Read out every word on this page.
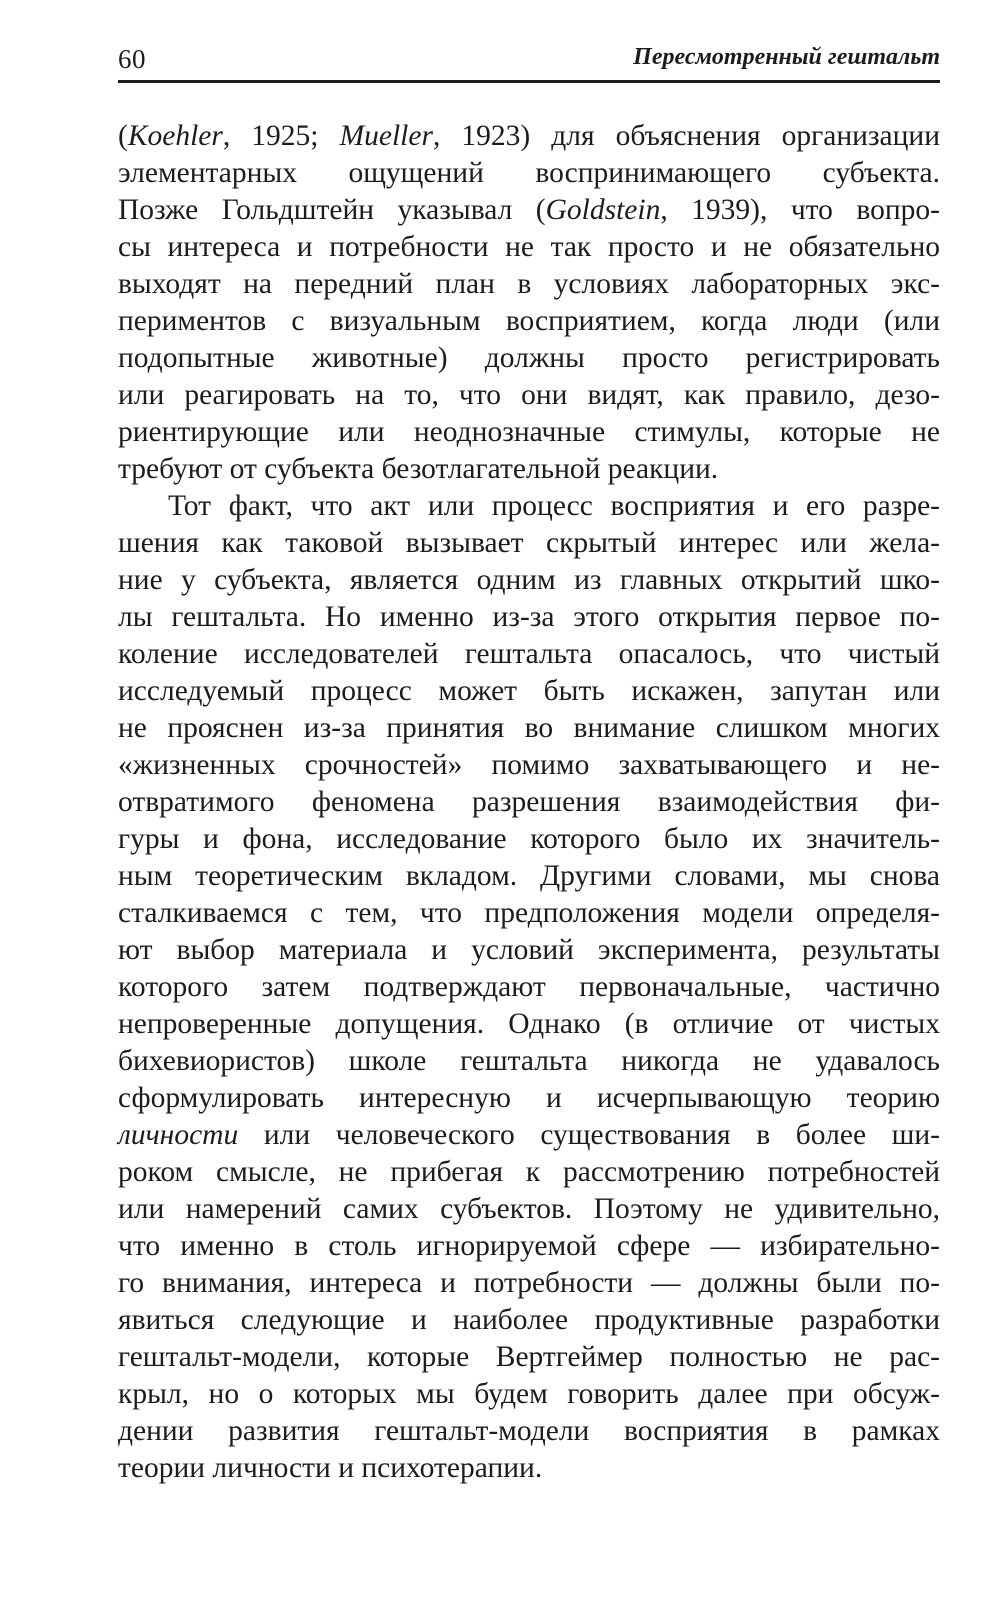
60	Пересмотренный гештальт
(Koehler, 1925; Mueller, 1923) для объяснения организации
элементарных ощущений воспринимающего субъекта.
Позже Гольдштейн указывал (Goldstein, 1939), что вопро-
сы интереса и потребности не так просто и не обязательно
выходят на передний план в условиях лабораторных экс-
периментов с визуальным восприятием, когда люди (или
подопытные животные) должны просто регистрировать
или реагировать на то, что они видят, как правило, дезо-
риентирующие или неоднозначные стимулы, которые не
требуют от субъекта безотлагательной реакции.
Тот факт, что акт или процесс восприятия и его разре-
шения как таковой вызывает скрытый интерес или жела-
ние у субъекта, является одним из главных открытий шко-
лы гештальта. Но именно из-за этого открытия первое по-
коление исследователей гештальта опасалось, что чистый
исследуемый процесс может быть искажен, запутан или
не прояснен из-за принятия во внимание слишком многих
«жизненных срочностей» помимо захватывающего и не-
отвратимого феномена разрешения взаимодействия фи-
гуры и фона, исследование которого было их значитель-
ным теоретическим вкладом. Другими словами, мы снова
сталкиваемся с тем, что предположения модели определя-
ют выбор материала и условий эксперимента, результаты
которого затем подтверждают первоначальные, частично
непроверенные допущения. Однако (в отличие от чистых
бихевиористов) школе гештальта никогда не удавалось
сформулировать интересную и исчерпывающую теорию
личности или человеческого существования в более ши-
роком смысле, не прибегая к рассмотрению потребностей
или намерений самих субъектов. Поэтому не удивительно,
что именно в столь игнорируемой сфере — избирательно-
го внимания, интереса и потребности — должны были по-
явиться следующие и наиболее продуктивные разработки
гештальт-модели, которые Вертгеймер полностью не рас-
крыл, но о которых мы будем говорить далее при обсуж-
дении развития гештальт-модели восприятия в рамках
теории личности и психотерапии.
